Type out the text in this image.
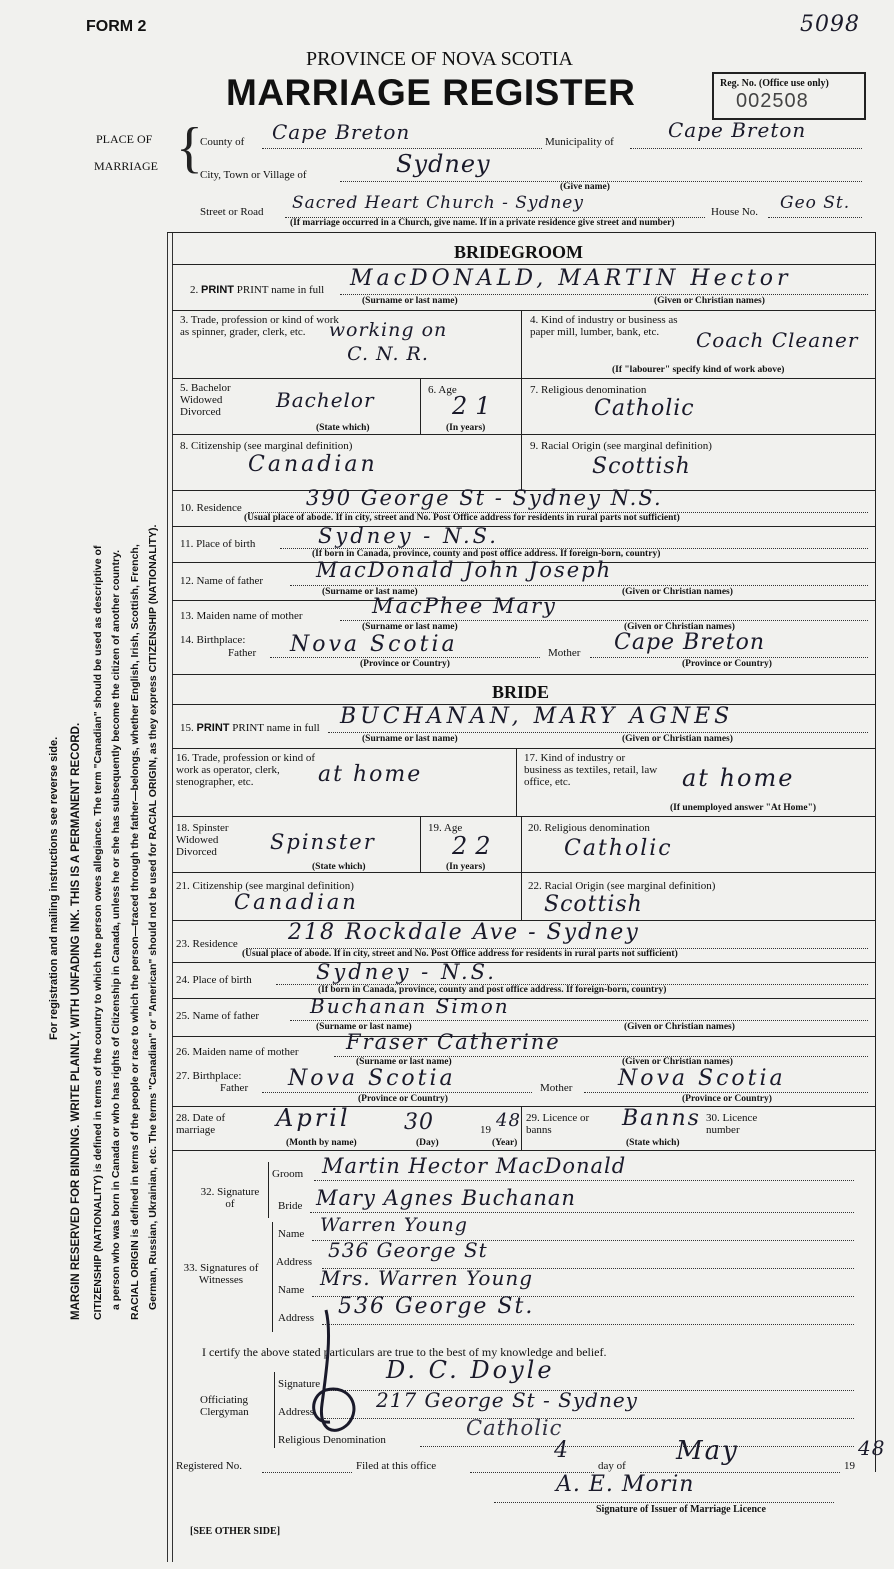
FORM 2	5098
PROVINCE OF NOVA SCOTIA
MARRIAGE REGISTER	Reg. No. (Office use only)
002508
PLACE OF
MARRIAGE {
County of Cape Breton	Municipality of	Cape Breton
City, Town or Village of	Sydney
(Give name)
Street or Road Sacred Heart Church - Sydney	House No. Geo St.
(If marriage occurred in a Church, give name. If in a private residence give street and number)
MARGIN RESERVED FOR BINDING. WRITE PLAINLY, WITH UNFADING INK. THIS IS A PERMANENT RECORD.
For registration and mailing instructions see reverse side.	CITIZENSHIP (NATIONALITY) is defined in terms of the country to which the person owes allegiance. The term "Canadian" should be used as descriptive of a person who was born in Canada or who has rights of Citizenship in Canada, unless he or she has subsequently become the citizen of another country. RACIAL ORIGIN is defined in terms of the people or race to which the person—traced through the father—belongs, whether English, Irish, Scottish, French, German, Russian, Ukrainian, etc. The terms "Canadian" or "American" should not be used for RACIAL ORIGIN, as they express CITIZENSHIP (NATIONALITY).
BRIDEGROOM
2. PRINT PRINT name in full MacDONALD, MARTIN Hector
(Surname or last name)	(Given or Christian names)
3. Trade, profession or kind of work as spinner, grader, clerk, etc.	working on C. N. R.
4. Kind of industry or business as paper mill, lumber, bank, etc.	Coach Cleaner
(If "labourer" specify kind of work above)
5. Bachelor Widowed Divorced	Bachelor
(State which)
6. Age
21
(In years)
7. Religious denomination
Catholic
8. Citizenship (see marginal definition)
Canadian
9. Racial Origin (see marginal definition)
Scottish
10. Residence	390 George St - Sydney N.S.
(Usual place of abode. If in city, street and No. Post Office address for residents in rural parts not sufficient)
11. Place of birth	Sydney - N.S.
(If born in Canada, province, county and post office address. If foreign-born, country)
12. Name of father	MacDonald John Joseph
(Surname or last name)	(Given or Christian names)
13. Maiden name of mother	MacPhee Mary
(Surname or last name)	(Given or Christian names)
14. Birthplace:
Father Nova Scotia	Mother Cape Breton
(Province or Country)	(Province or Country)
BRIDE
15. PRINT PRINT name in full BUCHANAN, MARY AGNES
(Surname or last name)	(Given or Christian names)
16. Trade, profession or kind of work as operator, clerk, stenographer, etc.	at home
17. Kind of industry or business as textiles, retail, law office, etc.	at home
(If unemployed answer "At Home")
18. Spinster Widowed Divorced	Spinster
(State which)
19. Age
22
(In years)
20. Religious denomination
Catholic
21. Citizenship (see marginal definition)
Canadian
22. Racial Origin (see marginal definition)
Scottish
23. Residence 218 Rockdale Ave - Sydney
(Usual place of abode. If in city, street and No. Post Office address for residents in rural parts not sufficient)
24. Place of birth	Sydney - N.S.
(If born in Canada, province, county and post office address. If foreign-born, country)
25. Name of father	Buchanan Simon
(Surname or last name)	(Given or Christian names)
26. Maiden name of mother Fraser Catherine
(Surname or last name)	(Given or Christian names)
27. Birthplace:
Father Nova Scotia	Mother Nova Scotia
(Province or Country)	(Province or Country)
28. Date of marriage	April 30	19 48
(Month by name)	(Day)	(Year)
29. Licence or banns	Banns
(State which)
30. Licence number
32. Signature of
Groom Martin Hector MacDonald
Bride Mary Agnes Buchanan
33. Signatures of Witnesses
Name Warren Young
Address 536 George St
Name Mrs. Warren Young
Address 536 George St.
I certify the above stated particulars are true to the best of my knowledge and belief.
Officiating Clergyman
Signature	D. C. Doyle
Address	217 George St - Sydney
Religious Denomination	Catholic
Registered No.	Filed at this office
4
day of May	19
48
A. E. Morin
Signature of Issuer of Marriage Licence
[SEE OTHER SIDE]
